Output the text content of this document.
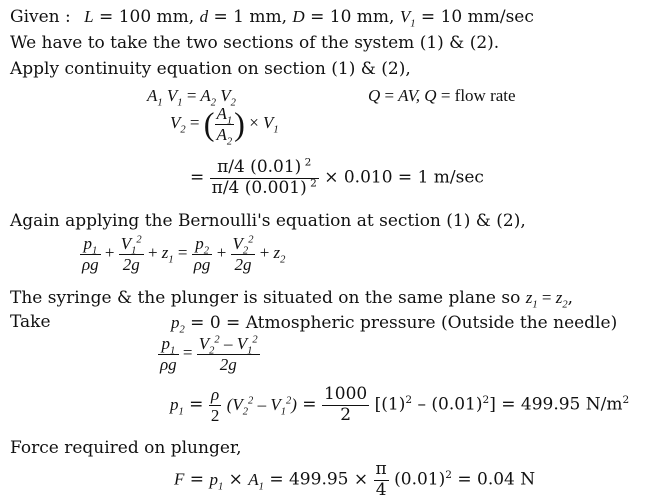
Given : L = 100 mm, d = 1 mm, D = 10 mm, $V_1 = 10$ mm/sec
We have to take the two sections of the system (1) & (2).
Apply continuity equation on section (1) & (2),
$A_1$ $V_1 = A_2$ $V_2$	Q = AV, Q = flow rate
$V_2$ = ( $\frac{A_1}{A_2}$ ) × $V_1$
= $\frac{\pi/4 (0.01) ^2}{\pi/4 (0.001) ^2} \times 0.010 = 1$ m/sec
Again applying the Bernoulli's equation at section (1) & (2),
$\frac{p_1}{\rho g} + \frac{V_1^2}{2g} + z_1 = \frac{p_2}{\rho g} + \frac{V_2^2}{2g} + z_2$
The syringe & the plunger is situated on the same plane so $z_1 = z_2$,
Take	$p_2 = 0$ = Atmospheric pressure (Outside the needle)
$\frac{p_1}{\rho g} = \frac{V_2^2 - V_1^2}{2g}$
$p_1 = \frac{\rho}{2} (V_2^2 - V_1^2) = \frac{1000}{2} [(1)^2 - (0.01)^2] = 499.95$ $N/m^2$
Force required on plunger,
$F = p_1 \times A_1 = 499.95 \times \frac{\pi}{4} (0.01)^2 = 0.04$ N
